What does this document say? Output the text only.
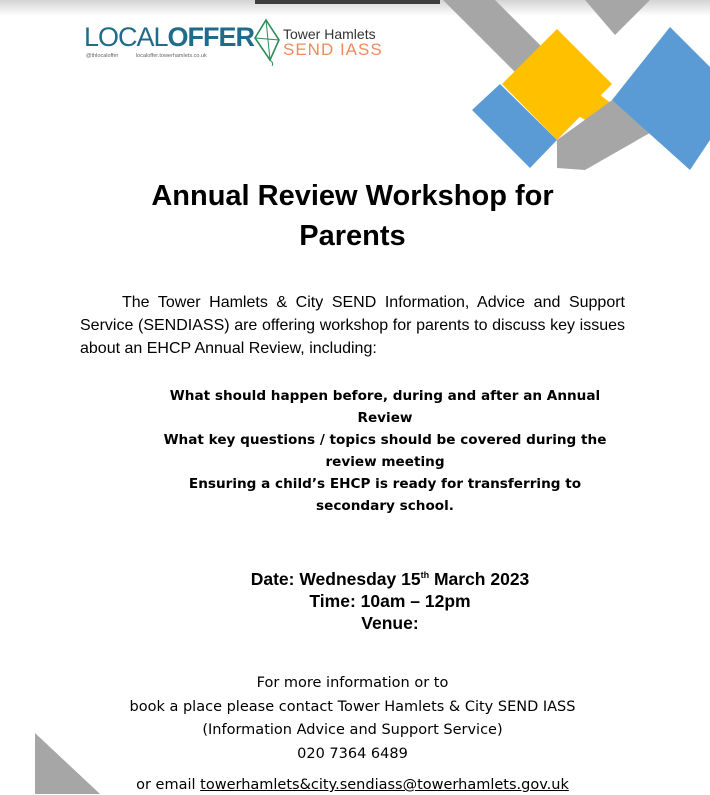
LOCALOFFER
@thlocaloffer	localoffer.towerhamlets.co.uk
Tower Hamlets
SEND IASS
Annual Review Workshop for
Parents

The Tower Hamlets & City SEND Information, Advice and Support Service (SENDIASS) are offering workshop for parents to discuss key issues about an EHCP Annual Review, including:

What should happen before, during and after an Annual Review
What key questions / topics should be covered during the review meeting
Ensuring a child’s EHCP is ready for transferring to secondary school.
Date: Wednesday 15th March 2023
Time: 10am – 12pm
Venue:
For more information or to
book a place please contact Tower Hamlets & City SEND IASS
(Information Advice and Support Service)
020 7364 6489
or email towerhamlets&city.sendiass@towerhamlets.gov.uk
